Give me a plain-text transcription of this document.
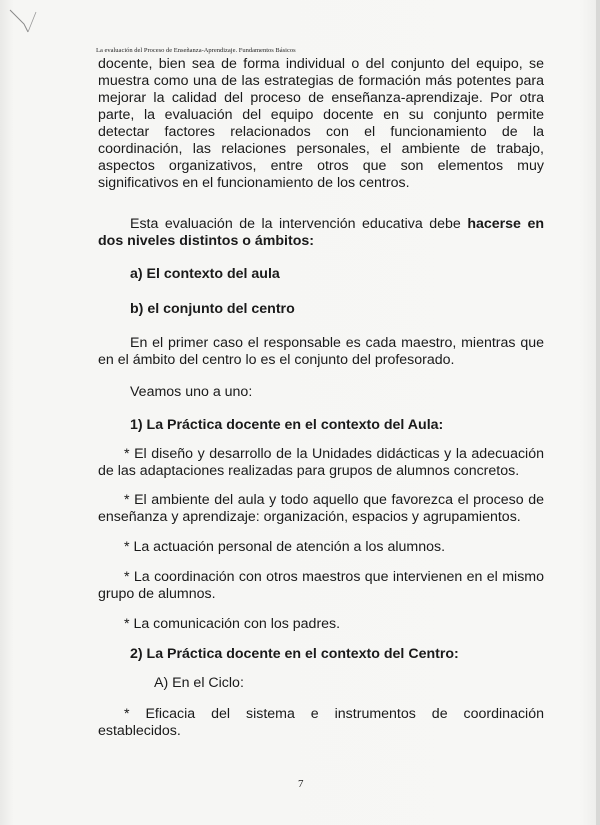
La evaluación del Proceso de Enseñanza-Aprendizaje. Fundamentos Básicos

docente, bien sea de forma individual o del conjunto del equipo, se muestra como una de las estrategias de formación más potentes para mejorar la calidad del proceso de enseñanza-aprendizaje. Por otra parte, la evaluación del equipo docente en su conjunto permite detectar factores relacionados con el funcionamiento de la coordinación, las relaciones personales, el ambiente de trabajo, aspectos organizativos, entre otros que son elementos muy significativos en el funcionamiento de los centros.

Esta evaluación de la intervención educativa debe hacerse en dos niveles distintos o ámbitos:

a) El contexto del aula

b) el conjunto del centro

En el primer caso el responsable es cada maestro, mientras que en el ámbito del centro lo es el conjunto del profesorado.

Veamos uno a uno:

1) La Práctica docente en el contexto del Aula:

* El diseño y desarrollo de la Unidades didácticas y la adecuación de las adaptaciones realizadas para grupos de alumnos concretos.

* El ambiente del aula y todo aquello que favorezca el proceso de enseñanza y aprendizaje: organización, espacios y agrupamientos.

* La actuación personal de atención a los alumnos.

* La coordinación con otros maestros que intervienen en el mismo grupo de alumnos.

* La comunicación con los padres.

2) La Práctica docente en el contexto del Centro:

A) En el Ciclo:

* Eficacia del sistema e instrumentos de coordinación establecidos.

7
